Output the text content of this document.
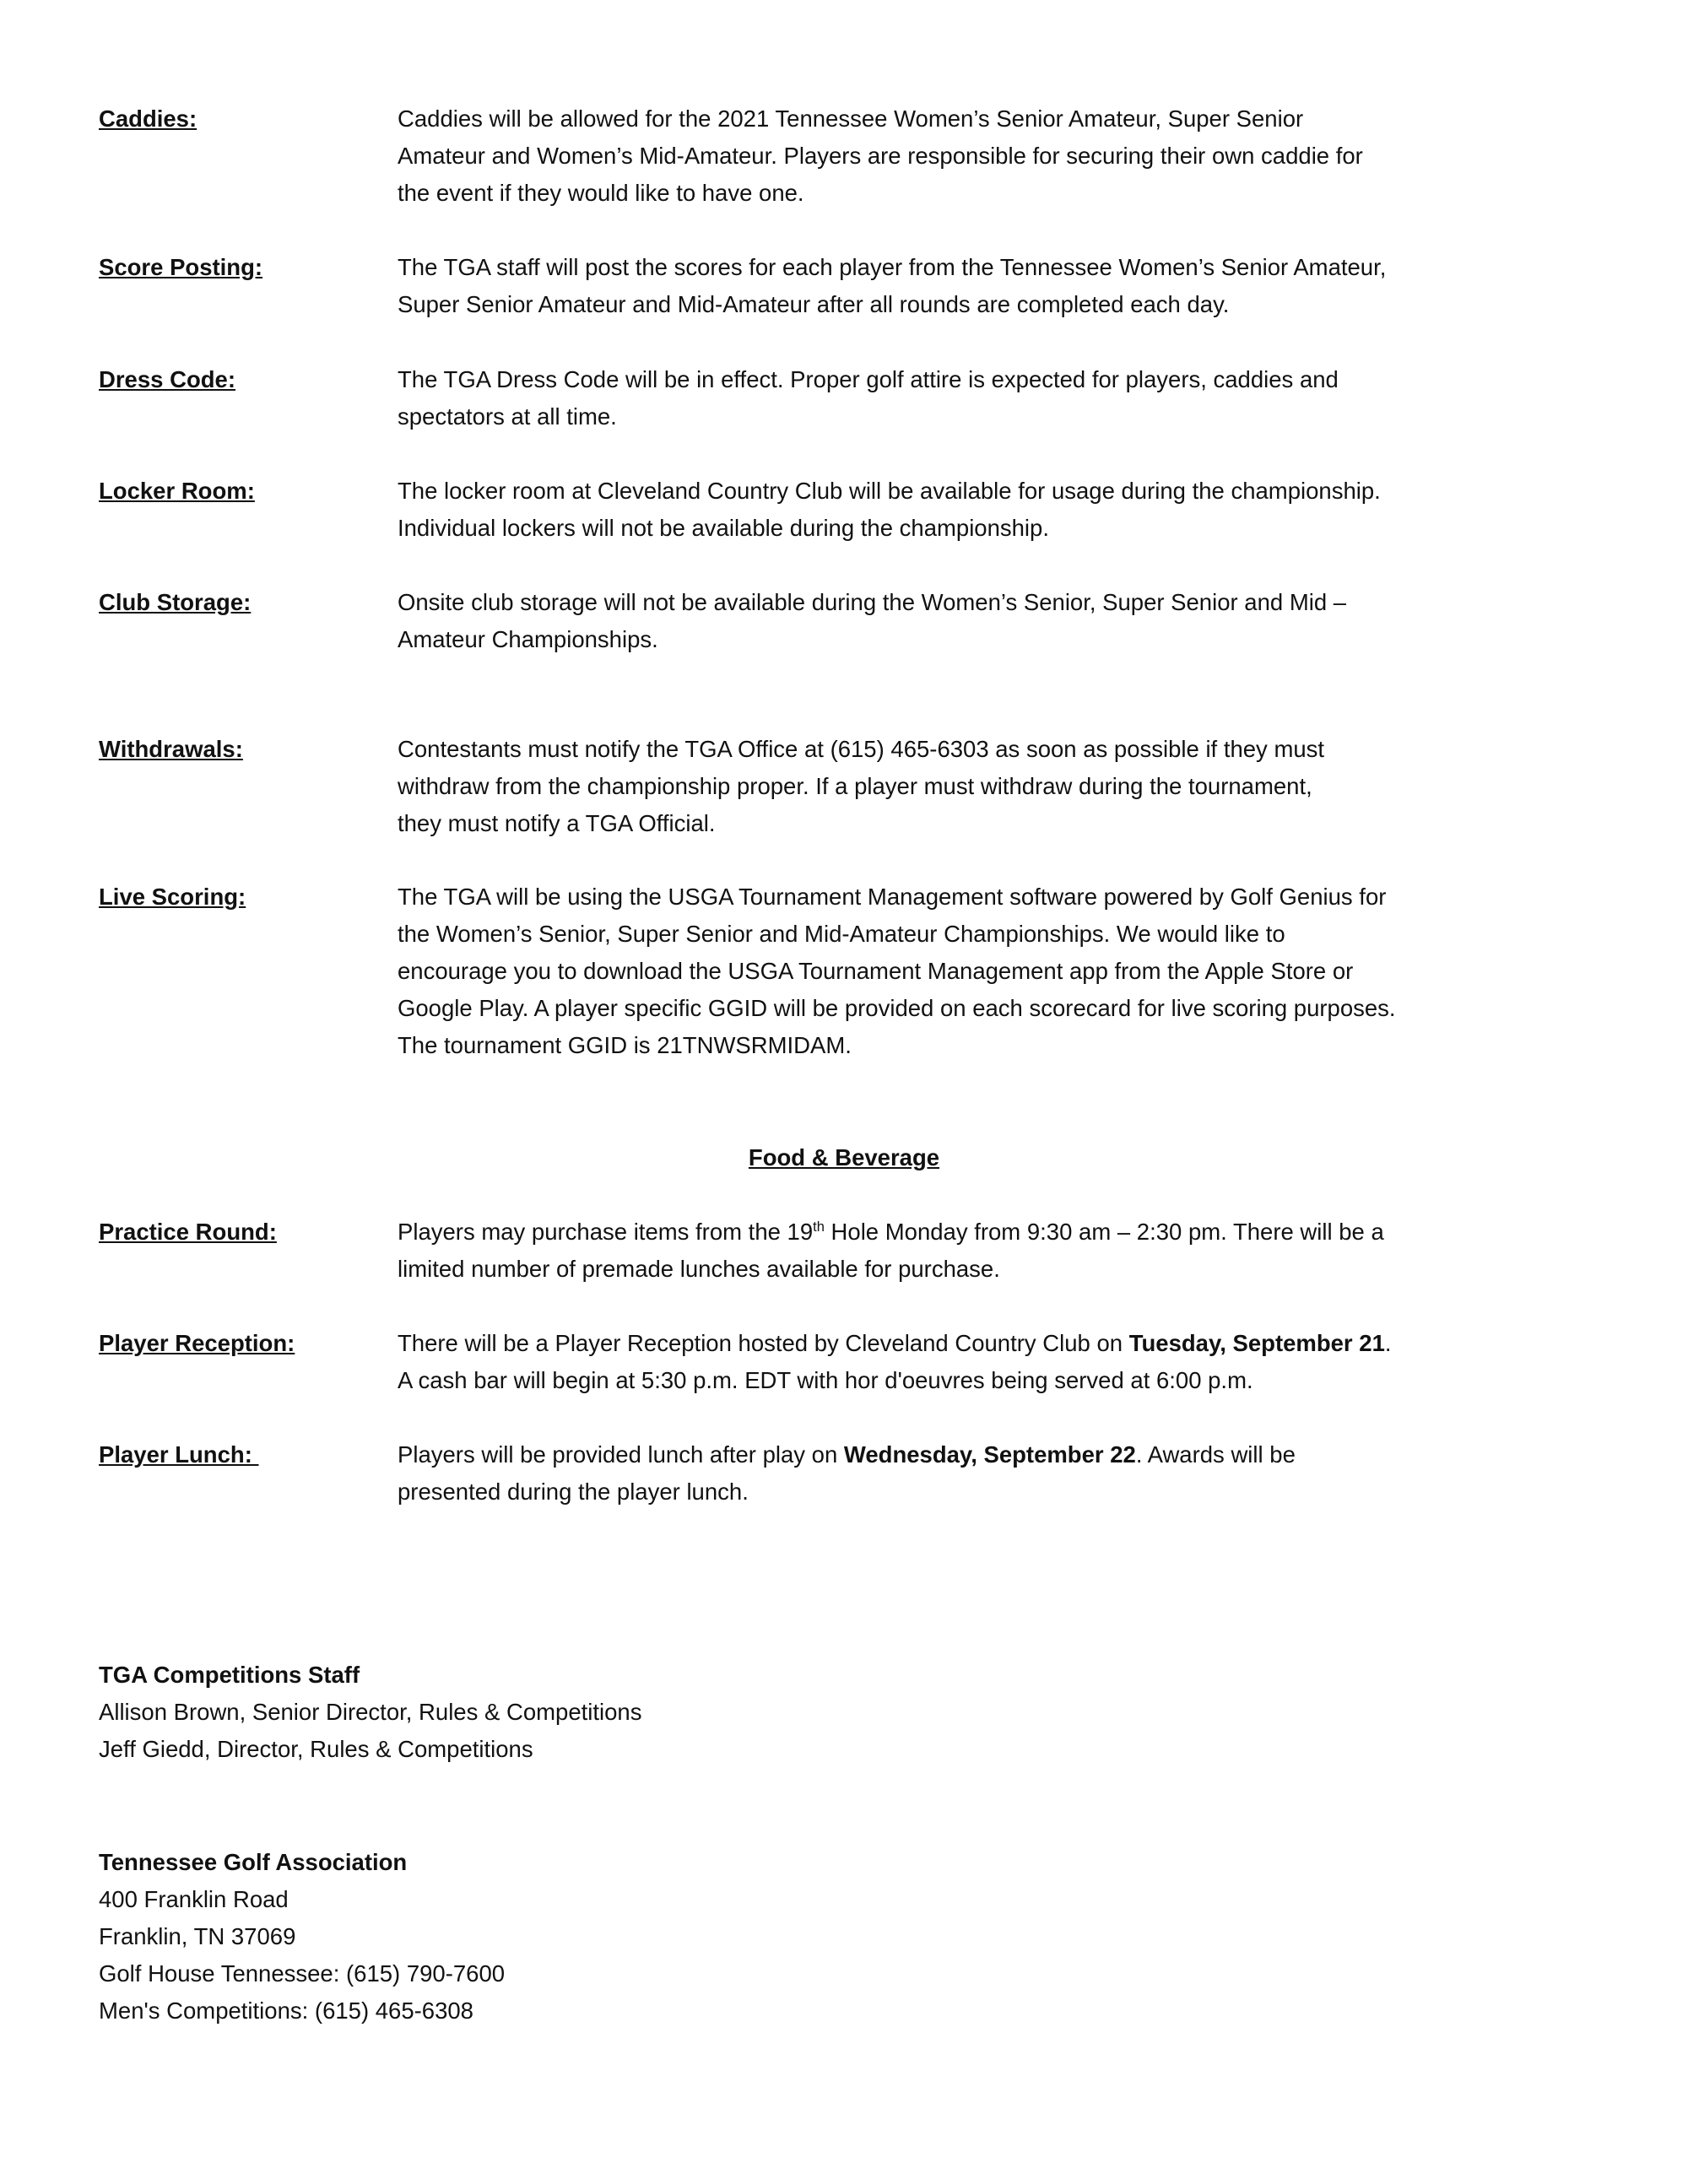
Caddies:	Caddies will be allowed for the 2021 Tennessee Women’s Senior Amateur, Super Senior
Amateur and Women’s Mid-Amateur. Players are responsible for securing their own caddie for
the event if they would like to have one.
Score Posting:	The TGA staff will post the scores for each player from the Tennessee Women’s Senior Amateur,
Super Senior Amateur and Mid-Amateur after all rounds are completed each day.
Dress Code:	The TGA Dress Code will be in effect. Proper golf attire is expected for players, caddies and
spectators at all time.
Locker Room:	The locker room at Cleveland Country Club will be available for usage during the championship.
Individual lockers will not be available during the championship.
Club Storage:	Onsite club storage will not be available during the Women’s Senior, Super Senior and Mid –
Amateur Championships.
Withdrawals:	Contestants must notify the TGA Office at (615) 465-6303 as soon as possible if they must
withdraw from the championship proper. If a player must withdraw during the tournament,
they must notify a TGA Official.
Live Scoring:	The TGA will be using the USGA Tournament Management software powered by Golf Genius for
the Women’s Senior, Super Senior and Mid-Amateur Championships. We would like to
encourage you to download the USGA Tournament Management app from the Apple Store or
Google Play. A player specific GGID will be provided on each scorecard for live scoring purposes.
The tournament GGID is 21TNWSRMIDAM.
Food & Beverage
Practice Round:	Players may purchase items from the 19th Hole Monday from 9:30 am – 2:30 pm. There will be a
limited number of premade lunches available for purchase.
Player Reception:	There will be a Player Reception hosted by Cleveland Country Club on Tuesday, September 21.
A cash bar will begin at 5:30 p.m. EDT with hor d'oeuvres being served at 6:00 p.m.
Player Lunch:	Players will be provided lunch after play on Wednesday, September 22. Awards will be
presented during the player lunch.
TGA Competitions Staff
Allison Brown, Senior Director, Rules & Competitions
Jeff Giedd, Director, Rules & Competitions
Tennessee Golf Association
400 Franklin Road
Franklin, TN 37069
Golf House Tennessee: (615) 790-7600
Men's Competitions: (615) 465-6308
